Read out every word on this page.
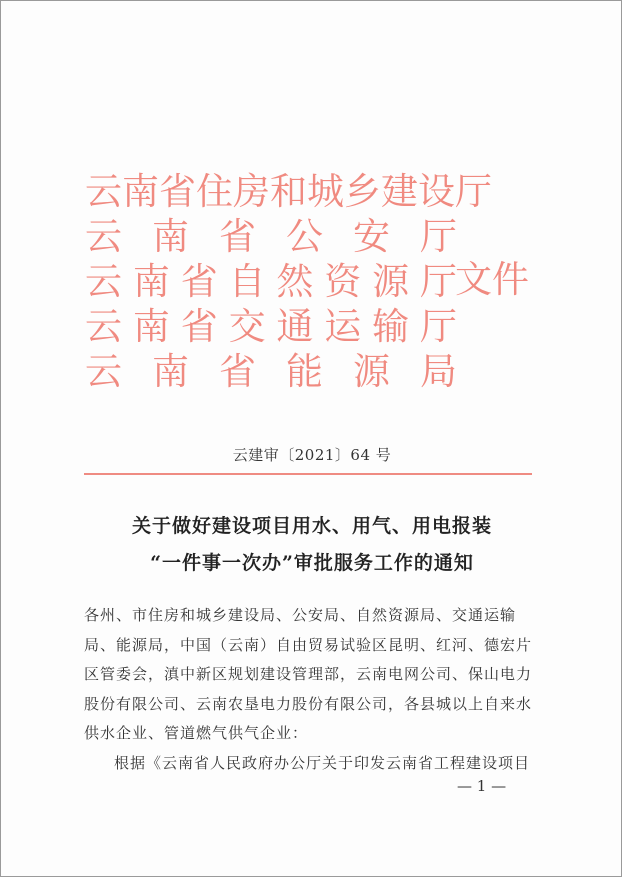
云南省住房和城乡建设厅
云南省公安厅
云南省自然资源厅
云南省交通运输厅
云南省能源局
文件
云建审〔2021〕64 号
关于做好建设项目用水、用气、用电报装
“一件事一次办”审批服务工作的通知
各州、市住房和城乡建设局、公安局、自然资源局、交通运输
局、能源局，中国（云南）自由贸易试验区昆明、红河、德宏片
区管委会，滇中新区规划建设管理部，云南电网公司、保山电力
股份有限公司、云南农垦电力股份有限公司，各县城以上自来水
供水企业、管道燃气供气企业：
根据《云南省人民政府办公厅关于印发云南省工程建设项目
— 1 —
